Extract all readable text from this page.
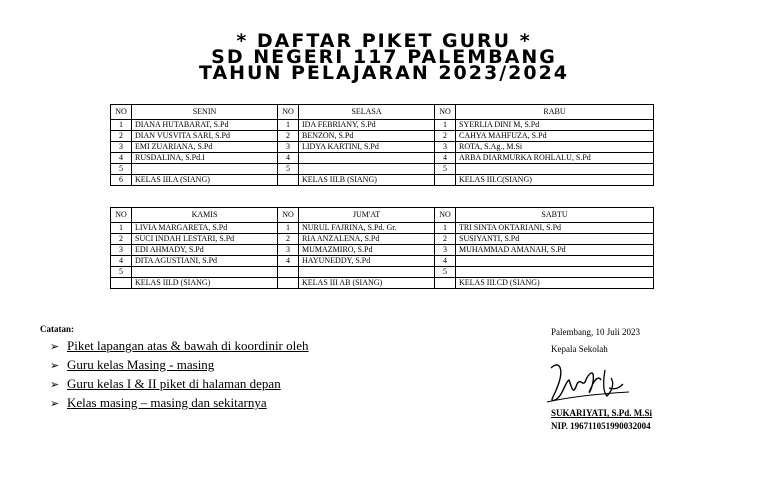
* DAFTAR PIKET GURU *
SD NEGERI 117 PALEMBANG
TAHUN PELAJARAN 2023/2024
NO	SENIN	NO	SELASA	NO	RABU
1	DIANA HUTABARAT, S.Pd	1	IDA FEBRIANY, S.Pd	1	SYERLIA DINI M, S.Pd
2	DIAN VUSVITA SARI, S.Pd	2	BENZON, S.Pd	2	CAHYA MAHFUZA, S.Pd
3	EMI ZUARIANA, S.Pd	3	LIDYA KARTINI, S.Pd	3	ROTA, S.Ag., M.Si
4	RUSDALINA, S.Pd.I	4		4	ARBA DIARMURKA ROHLALU, S.Pd
5		5		5	
6	KELAS III.A (SIANG)		KELAS III.B (SIANG)		KELAS III.C(SIANG)
NO	KAMIS	NO	JUM'AT	NO	SABTU
1	LIVIA MARGARETA, S.Pd	1	NURUL FAJRINA, S.Pd. Gr.	1	TRI SINTA OKTARIANI, S.Pd
2	SUCI INDAH LESTARI, S.Pd	2	RIA ANZALENA, S.Pd	2	SUSIYANTI, S.Pd
3	EDI AHMADY, S.Pd	3	MUMAZMIRO, S.Pd	3	MUHAMMAD AMANAH, S.Pd
4	DITA AGUSTIANI, S.Pd	4	HAYUNEDDY, S.Pd	4	
5				5	
	KELAS III.D (SIANG)		KELAS III AB (SIANG)		KELAS III.CD (SIANG)
Catatan:
➢ Piket lapangan atas & bawah di koordinir oleh
➢ Guru kelas Masing - masing
➢ Guru kelas I & II piket di halaman depan
➢ Kelas masing – masing dan sekitarnya
Palembang, 10 Juli 2023
Kepala Sekolah
SUKARIYATI, S.Pd. M.Si
NIP. 196711051990032004
